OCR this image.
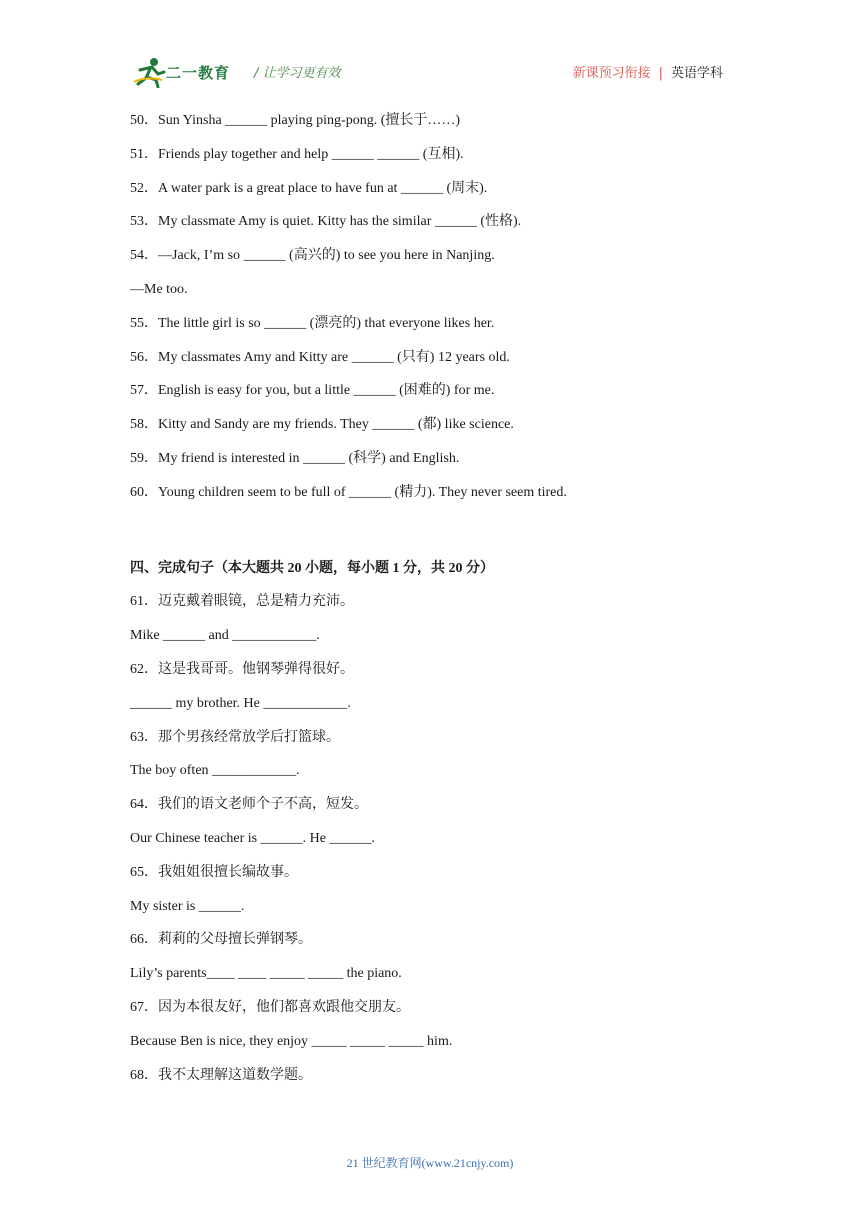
二一教育 / 让学习更有效	新课预习衔接 | 英语学科
50．Sun Yinsha ______ playing ping-pong. (擅长于……)
51．Friends play together and help ______ ______ (互相).
52．A water park is a great place to have fun at ______ (周末).
53．My classmate Amy is quiet. Kitty has the similar ______ (性格).
54．—Jack, I’m so ______ (高兴的) to see you here in Nanjing.
—Me too.
55．The little girl is so ______ (漂亮的) that everyone likes her.
56．My classmates Amy and Kitty are ______ (只有) 12 years old.
57．English is easy for you, but a little ______ (困难的) for me.
58．Kitty and Sandy are my friends. They ______ (都) like science.
59．My friend is interested in ______ (科学) and English.
60．Young children seem to be full of ______ (精力). They never seem tired.
四、完成句子（本大题共 20 小题，每小题 1 分，共 20 分）
61．迈克戴着眼镜，总是精力充沛。
Mike ______ and ____________.
62．这是我哥哥。他钢琴弹得很好。
______ my brother. He ____________.
63．那个男孩经常放学后打篮球。
The boy often ____________.
64．我们的语文老师个子不高，短发。
Our Chinese teacher is ______. He ______.
65．我姐姐很擅长编故事。
My sister is ______.
66．莉莉的父母擅长弹钢琴。
Lily’s parents____ ____ _____ _____ the piano.
67．因为本很友好，他们都喜欢跟他交朋友。
Because Ben is nice, they enjoy _____ _____ _____ him.
68．我不太理解这道数学题。
21 世纪教育网(www.21cnjy.com)
